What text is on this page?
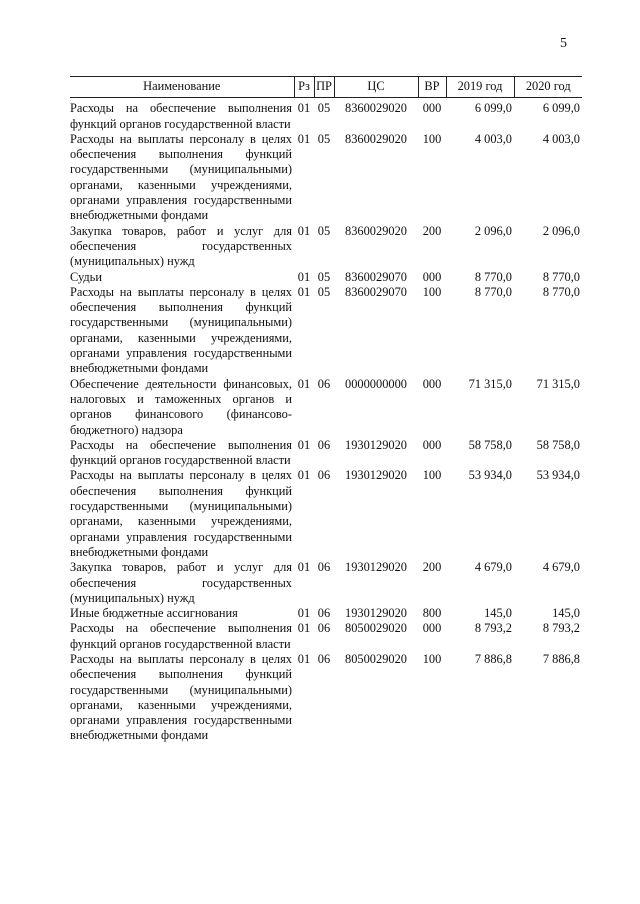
5
Наименование	Рз	ПР	ЦС	ВР	2019 год	2020 год
Расходы на обеспечение выполнения функций органов государственной власти	01	05	8360029020	000	6 099,0	6 099,0
Расходы на выплаты персоналу в целях обеспечения выполнения функций государственными (муниципальными) органами, казенными учреждениями, органами управления государственными внебюджетными фондами	01	05	8360029020	100	4 003,0	4 003,0
Закупка товаров, работ и услуг для обеспечения государственных (муниципальных) нужд	01	05	8360029020	200	2 096,0	2 096,0
Судьи	01	05	8360029070	000	8 770,0	8 770,0
Расходы на выплаты персоналу в целях обеспечения выполнения функций государственными (муниципальными) органами, казенными учреждениями, органами управления государственными внебюджетными фондами	01	05	8360029070	100	8 770,0	8 770,0
Обеспечение деятельности финансовых, налоговых и таможенных органов и органов финансового (финансово-бюджетного) надзора	01	06	0000000000	000	71 315,0	71 315,0
Расходы на обеспечение выполнения функций органов государственной власти	01	06	1930129020	000	58 758,0	58 758,0
Расходы на выплаты персоналу в целях обеспечения выполнения функций государственными (муниципальными) органами, казенными учреждениями, органами управления государственными внебюджетными фондами	01	06	1930129020	100	53 934,0	53 934,0
Закупка товаров, работ и услуг для обеспечения государственных (муниципальных) нужд	01	06	1930129020	200	4 679,0	4 679,0
Иные бюджетные ассигнования	01	06	1930129020	800	145,0	145,0
Расходы на обеспечение выполнения функций органов государственной власти	01	06	8050029020	000	8 793,2	8 793,2
Расходы на выплаты персоналу в целях обеспечения выполнения функций государственными (муниципальными) органами, казенными учреждениями, органами управления государственными внебюджетными фондами	01	06	8050029020	100	7 886,8	7 886,8
